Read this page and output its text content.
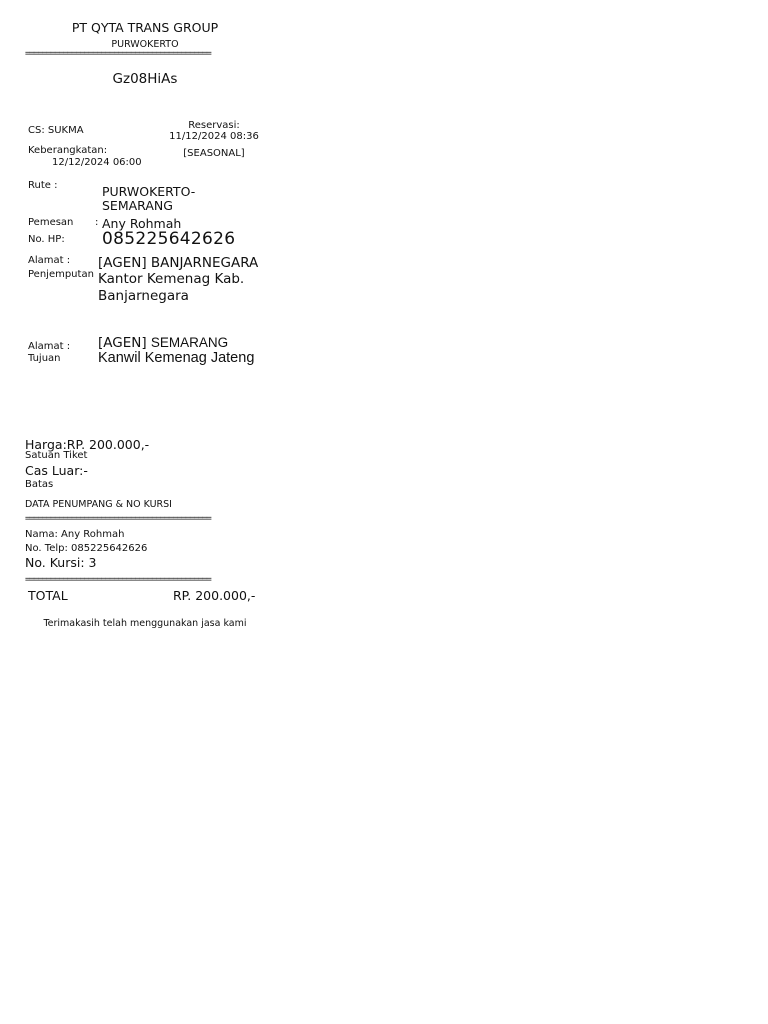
PT QYTA TRANS GROUP
PURWOKERTO
============================================
Gz08HiAs
CS: SUKMA	Reservasi:
11/12/2024 08:36
Keberangkatan:
12/12/2024 06:00
[SEASONAL]
Rute :	PURWOKERTO-
SEMARANG
Pemesan : Any Rohmah
No. HP: 085225642626
Alamat :
Penjemputan
[AGEN] BANJARNEGARA
Kantor Kemenag Kab.
Banjarnegara
Alamat :
Tujuan
[AGEN] SEMARANG
Kanwil Kemenag Jateng
Harga:RP. 200.000,-
Satuan Tiket
Cas Luar:-
Batas
DATA PENUMPANG & NO KURSI
============================================
Nama: Any Rohmah
No. Telp: 085225642626
No. Kursi: 3
============================================
TOTAL	RP. 200.000,-
Terimakasih telah menggunakan jasa kami
